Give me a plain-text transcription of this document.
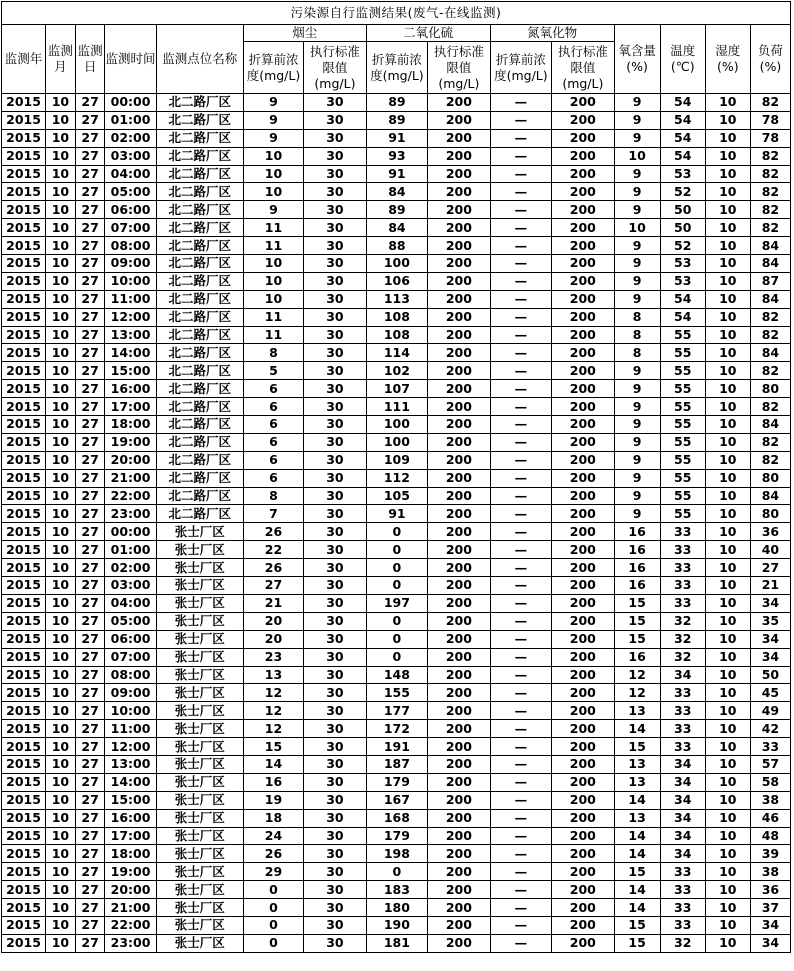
污染源自行监测结果(废气-在线监测)														
监测年	监测月	监测日	监测时间	监测点位名称	烟尘		二氧化硫		氮氧化物		氧含量(%)	温度(℃)	湿度(%)	负荷(%)
					折算前浓度(mg/L)	执行标准限值(mg/L)	折算前浓度(mg/L)	执行标准限值(mg/L)	折算前浓度(mg/L)	执行标准限值(mg/L)				
2015	10	27	00:00	北二路厂区	9	30	89	200	—	200	9	54	10	82
2015	10	27	01:00	北二路厂区	9	30	89	200	—	200	9	54	10	78
2015	10	27	02:00	北二路厂区	9	30	91	200	—	200	9	54	10	78
2015	10	27	03:00	北二路厂区	10	30	93	200	—	200	10	54	10	82
2015	10	27	04:00	北二路厂区	10	30	91	200	—	200	9	53	10	82
2015	10	27	05:00	北二路厂区	10	30	84	200	—	200	9	52	10	82
2015	10	27	06:00	北二路厂区	9	30	89	200	—	200	9	50	10	82
2015	10	27	07:00	北二路厂区	11	30	84	200	—	200	10	50	10	82
2015	10	27	08:00	北二路厂区	11	30	88	200	—	200	9	52	10	84
2015	10	27	09:00	北二路厂区	10	30	100	200	—	200	9	53	10	84
2015	10	27	10:00	北二路厂区	10	30	106	200	—	200	9	53	10	87
2015	10	27	11:00	北二路厂区	10	30	113	200	—	200	9	54	10	84
2015	10	27	12:00	北二路厂区	11	30	108	200	—	200	8	54	10	82
2015	10	27	13:00	北二路厂区	11	30	108	200	—	200	8	55	10	82
2015	10	27	14:00	北二路厂区	8	30	114	200	—	200	8	55	10	84
2015	10	27	15:00	北二路厂区	5	30	102	200	—	200	9	55	10	82
2015	10	27	16:00	北二路厂区	6	30	107	200	—	200	9	55	10	80
2015	10	27	17:00	北二路厂区	6	30	111	200	—	200	9	55	10	82
2015	10	27	18:00	北二路厂区	6	30	100	200	—	200	9	55	10	84
2015	10	27	19:00	北二路厂区	6	30	100	200	—	200	9	55	10	82
2015	10	27	20:00	北二路厂区	6	30	109	200	—	200	9	55	10	82
2015	10	27	21:00	北二路厂区	6	30	112	200	—	200	9	55	10	80
2015	10	27	22:00	北二路厂区	8	30	105	200	—	200	9	55	10	84
2015	10	27	23:00	北二路厂区	7	30	91	200	—	200	9	55	10	80
2015	10	27	00:00	张士厂区	26	30	0	200	—	200	16	33	10	36
2015	10	27	01:00	张士厂区	22	30	0	200	—	200	16	33	10	40
2015	10	27	02:00	张士厂区	26	30	0	200	—	200	16	33	10	27
2015	10	27	03:00	张士厂区	27	30	0	200	—	200	16	33	10	21
2015	10	27	04:00	张士厂区	21	30	197	200	—	200	15	33	10	34
2015	10	27	05:00	张士厂区	20	30	0	200	—	200	15	32	10	35
2015	10	27	06:00	张士厂区	20	30	0	200	—	200	15	32	10	34
2015	10	27	07:00	张士厂区	23	30	0	200	—	200	16	32	10	34
2015	10	27	08:00	张士厂区	13	30	148	200	—	200	12	34	10	50
2015	10	27	09:00	张士厂区	12	30	155	200	—	200	12	33	10	45
2015	10	27	10:00	张士厂区	12	30	177	200	—	200	13	33	10	49
2015	10	27	11:00	张士厂区	12	30	172	200	—	200	14	33	10	42
2015	10	27	12:00	张士厂区	15	30	191	200	—	200	15	33	10	33
2015	10	27	13:00	张士厂区	14	30	187	200	—	200	13	34	10	57
2015	10	27	14:00	张士厂区	16	30	179	200	—	200	13	34	10	58
2015	10	27	15:00	张士厂区	19	30	167	200	—	200	14	34	10	38
2015	10	27	16:00	张士厂区	18	30	168	200	—	200	13	34	10	46
2015	10	27	17:00	张士厂区	24	30	179	200	—	200	14	34	10	48
2015	10	27	18:00	张士厂区	26	30	198	200	—	200	14	34	10	39
2015	10	27	19:00	张士厂区	29	30	0	200	—	200	15	33	10	38
2015	10	27	20:00	张士厂区	0	30	183	200	—	200	14	33	10	36
2015	10	27	21:00	张士厂区	0	30	180	200	—	200	14	33	10	37
2015	10	27	22:00	张士厂区	0	30	190	200	—	200	15	33	10	34
2015	10	27	23:00	张士厂区	0	30	181	200	—	200	15	32	10	34
